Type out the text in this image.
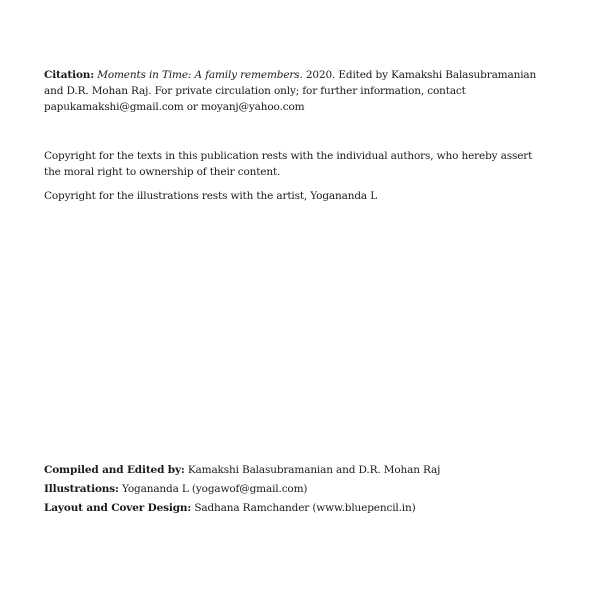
Citation: Moments in Time: A family remembers. 2020. Edited by Kamakshi Balasubramanian and D.R. Mohan Raj. For private circulation only; for further information, contact papukamakshi@gmail.com or moyanj@yahoo.com

Copyright for the texts in this publication rests with the individual authors, who hereby assert the moral right to ownership of their content.

Copyright for the illustrations rests with the artist, Yogananda L

Compiled and Edited by: Kamakshi Balasubramanian and D.R. Mohan Raj

Illustrations: Yogananda L (yogawof@gmail.com)

Layout and Cover Design: Sadhana Ramchander (www.bluepencil.in)
